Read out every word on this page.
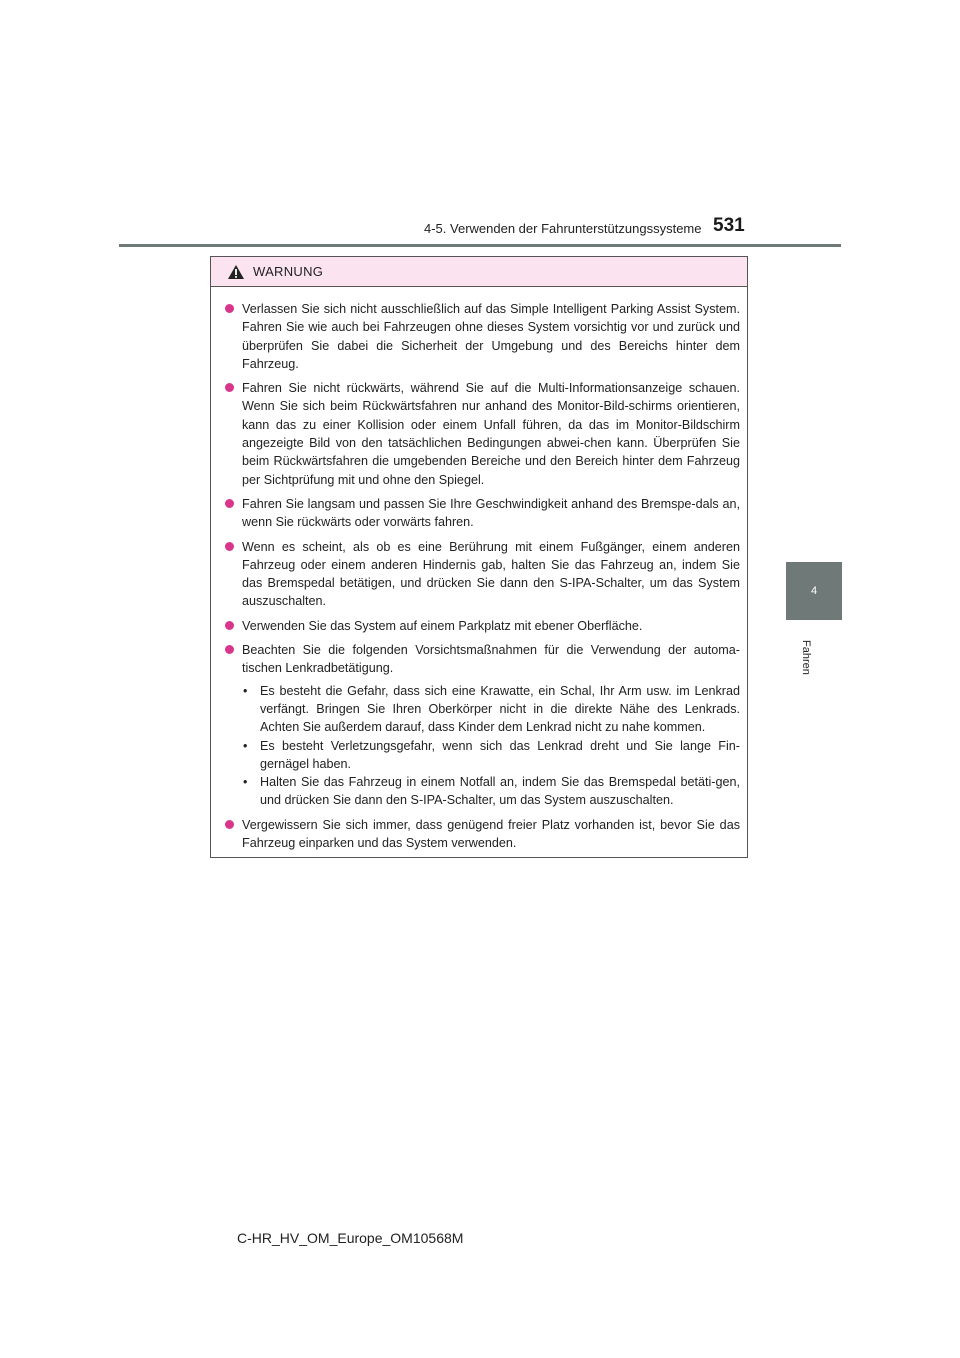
4-5. Verwenden der Fahrunterstützungssysteme 531
4
Fahren
WARNUNG
Verlassen Sie sich nicht ausschließlich auf das Simple Intelligent Parking Assist System. Fahren Sie wie auch bei Fahrzeugen ohne dieses System vorsichtig vor und zurück und überprüfen Sie dabei die Sicherheit der Umgebung und des Bereichs hinter dem Fahrzeug.
Fahren Sie nicht rückwärts, während Sie auf die Multi-Informationsanzeige schauen. Wenn Sie sich beim Rückwärtsfahren nur anhand des Monitor-Bild-schirms orientieren, kann das zu einer Kollision oder einem Unfall führen, da das im Monitor-Bildschirm angezeigte Bild von den tatsächlichen Bedingungen abwei-chen kann. Überprüfen Sie beim Rückwärtsfahren die umgebenden Bereiche und den Bereich hinter dem Fahrzeug per Sichtprüfung mit und ohne den Spiegel.
Fahren Sie langsam und passen Sie Ihre Geschwindigkeit anhand des Bremspe-dals an, wenn Sie rückwärts oder vorwärts fahren.
Wenn es scheint, als ob es eine Berührung mit einem Fußgänger, einem anderen Fahrzeug oder einem anderen Hindernis gab, halten Sie das Fahrzeug an, indem Sie das Bremspedal betätigen, und drücken Sie dann den S-IPA-Schalter, um das System auszuschalten.
Verwenden Sie das System auf einem Parkplatz mit ebener Oberfläche.
Beachten Sie die folgenden Vorsichtsmaßnahmen für die Verwendung der automa-tischen Lenkradbetätigung.
• Es besteht die Gefahr, dass sich eine Krawatte, ein Schal, Ihr Arm usw. im Lenkrad verfängt. Bringen Sie Ihren Oberkörper nicht in die direkte Nähe des Lenkrads. Achten Sie außerdem darauf, dass Kinder dem Lenkrad nicht zu nahe kommen.
• Es besteht Verletzungsgefahr, wenn sich das Lenkrad dreht und Sie lange Fin-gernägel haben.
• Halten Sie das Fahrzeug in einem Notfall an, indem Sie das Bremspedal betäti-gen, und drücken Sie dann den S-IPA-Schalter, um das System auszuschalten.
Vergewissern Sie sich immer, dass genügend freier Platz vorhanden ist, bevor Sie das Fahrzeug einparken und das System verwenden.
C-HR_HV_OM_Europe_OM10568M
